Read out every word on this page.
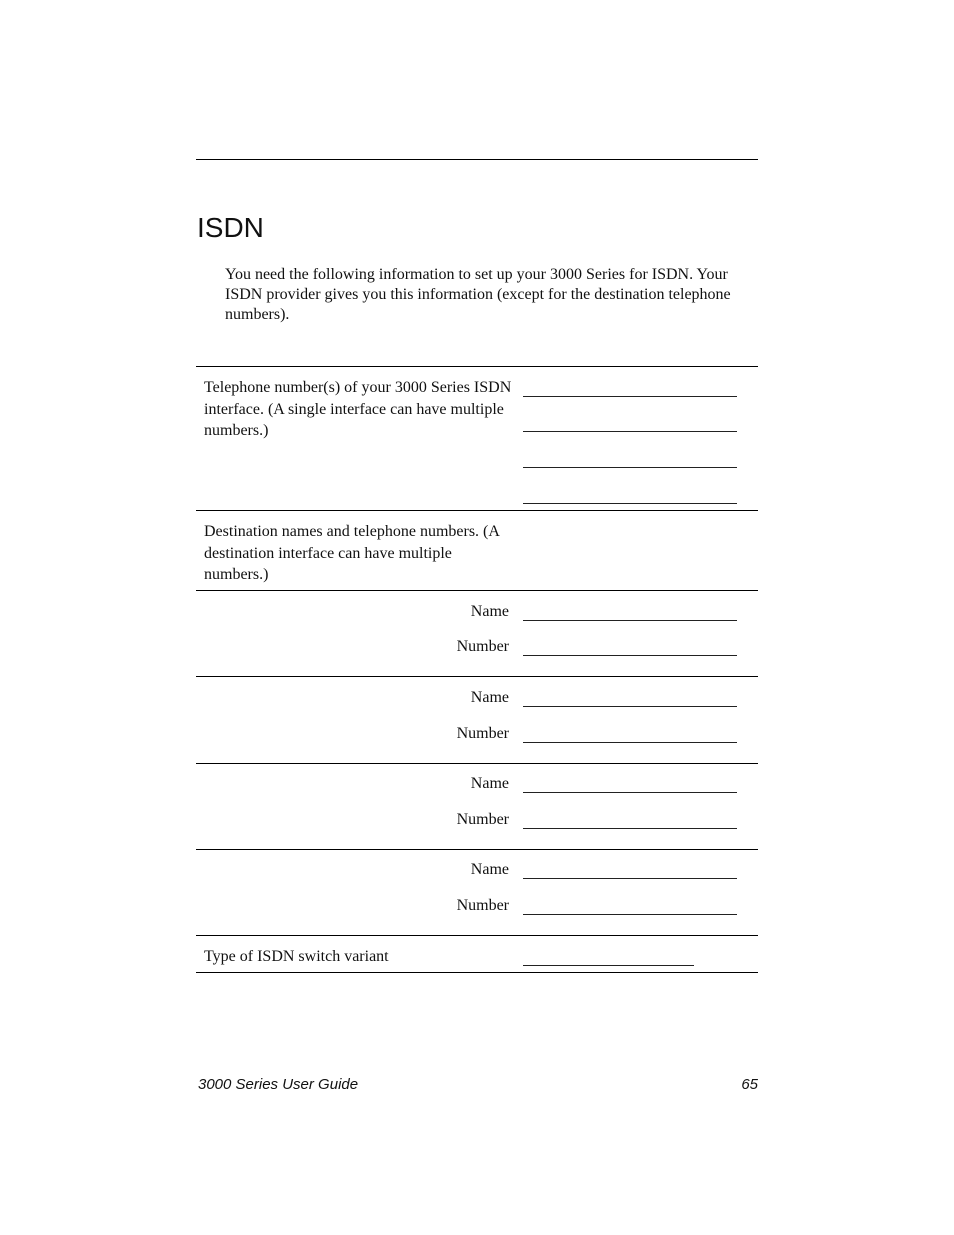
ISDN

You need the following information to set up your 3000 Series for ISDN. Your ISDN provider gives you this information (except for the destination telephone numbers).

Telephone number(s) of your 3000 Series ISDN interface. (A single interface can have multiple numbers.)

Destination names and telephone numbers. (A destination interface can have multiple numbers.)

Name
Number
Name
Number
Name
Number
Name
Number

Type of ISDN switch variant

3000 Series User Guide	65
